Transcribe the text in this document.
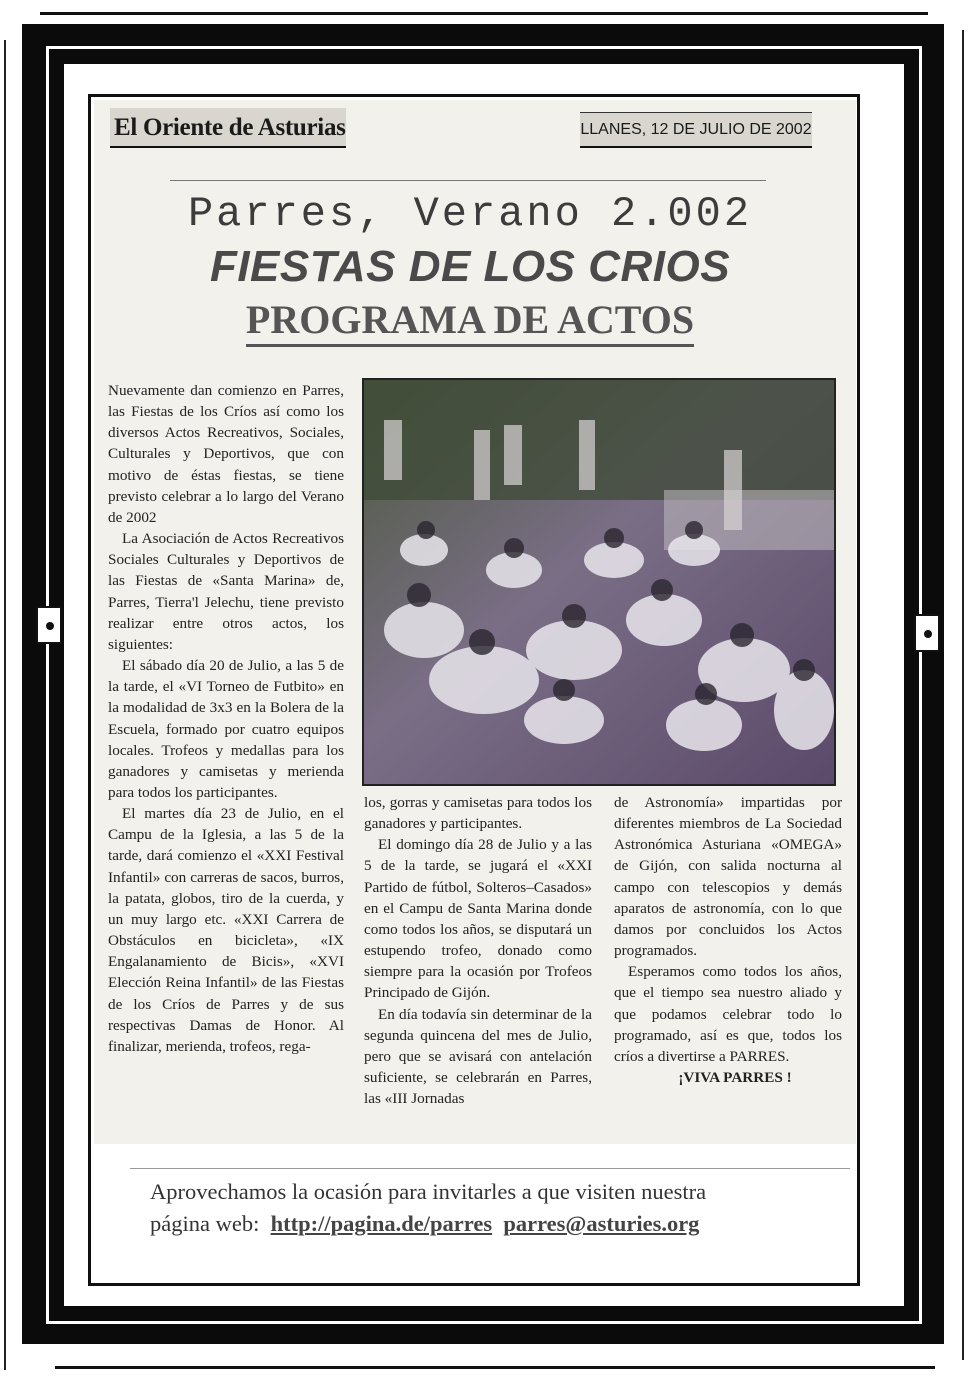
El Oriente de Asturias	LLANES, 12 DE JULIO DE 2002
Parres, Verano 2.002
FIESTAS DE LOS CRIOS
PROGRAMA DE ACTOS

Nuevamente dan comienzo en Parres, las Fiestas de los Críos así como los diversos Actos Recreativos, Sociales, Culturales y Deportivos, que con motivo de éstas fiestas, se tiene previsto celebrar a lo largo del Verano de 2002

La Asociación de Actos Recreativos Sociales Culturales y Deportivos de las Fiestas de «Santa Marina» de, Parres, Tierra'l Jelechu, tiene previsto realizar entre otros actos, los siguientes:

El sábado día 20 de Julio, a las 5 de la tarde, el «VI Torneo de Futbito» en la modalidad de 3x3 en la Bolera de la Escuela, formado por cuatro equipos locales. Trofeos y medallas para los ganadores y camisetas y merienda para todos los participantes.

El martes día 23 de Julio, en el Campu de la Iglesia, a las 5 de la tarde, dará comienzo el «XXI Festival Infantil» con carreras de sacos, burros, la patata, globos, tiro de la cuerda, y un muy largo etc. «XXI Carrera de Obstáculos en bicicleta», «IX Engalanamiento de Bicis», «XVI Elección Reina Infantil» de las Fiestas de los Críos de Parres y de sus respectivas Damas de Honor. Al finalizar, merienda, trofeos, rega-

los, gorras y camisetas para todos los ganadores y participantes.

El domingo día 28 de Julio y a las 5 de la tarde, se jugará el «XXI Partido de fútbol, Solteros–Casados» en el Campu de Santa Marina donde como todos los años, se disputará un estupendo trofeo, donado como siempre para la ocasión por Trofeos Principado de Gijón.

En día todavía sin determinar de la segunda quincena del mes de Julio, pero que se avisará con antelación suficiente, se celebrarán en Parres, las «III Jornadas

de Astronomía» impartidas por diferentes miembros de La Sociedad Astronómica Asturiana «OMEGA» de Gijón, con salida nocturna al campo con telescopios y demás aparatos de astronomía, con lo que damos por concluidos los Actos programados.

Esperamos como todos los años, que el tiempo sea nuestro aliado y que podamos celebrar todo lo programado, así es que, todos los críos a divertirse a PARRES.

¡VIVA PARRES !

Aprovechamos la ocasión para invitarles a que visiten nuestra
página web: http://pagina.de/parres parres@asturies.org
